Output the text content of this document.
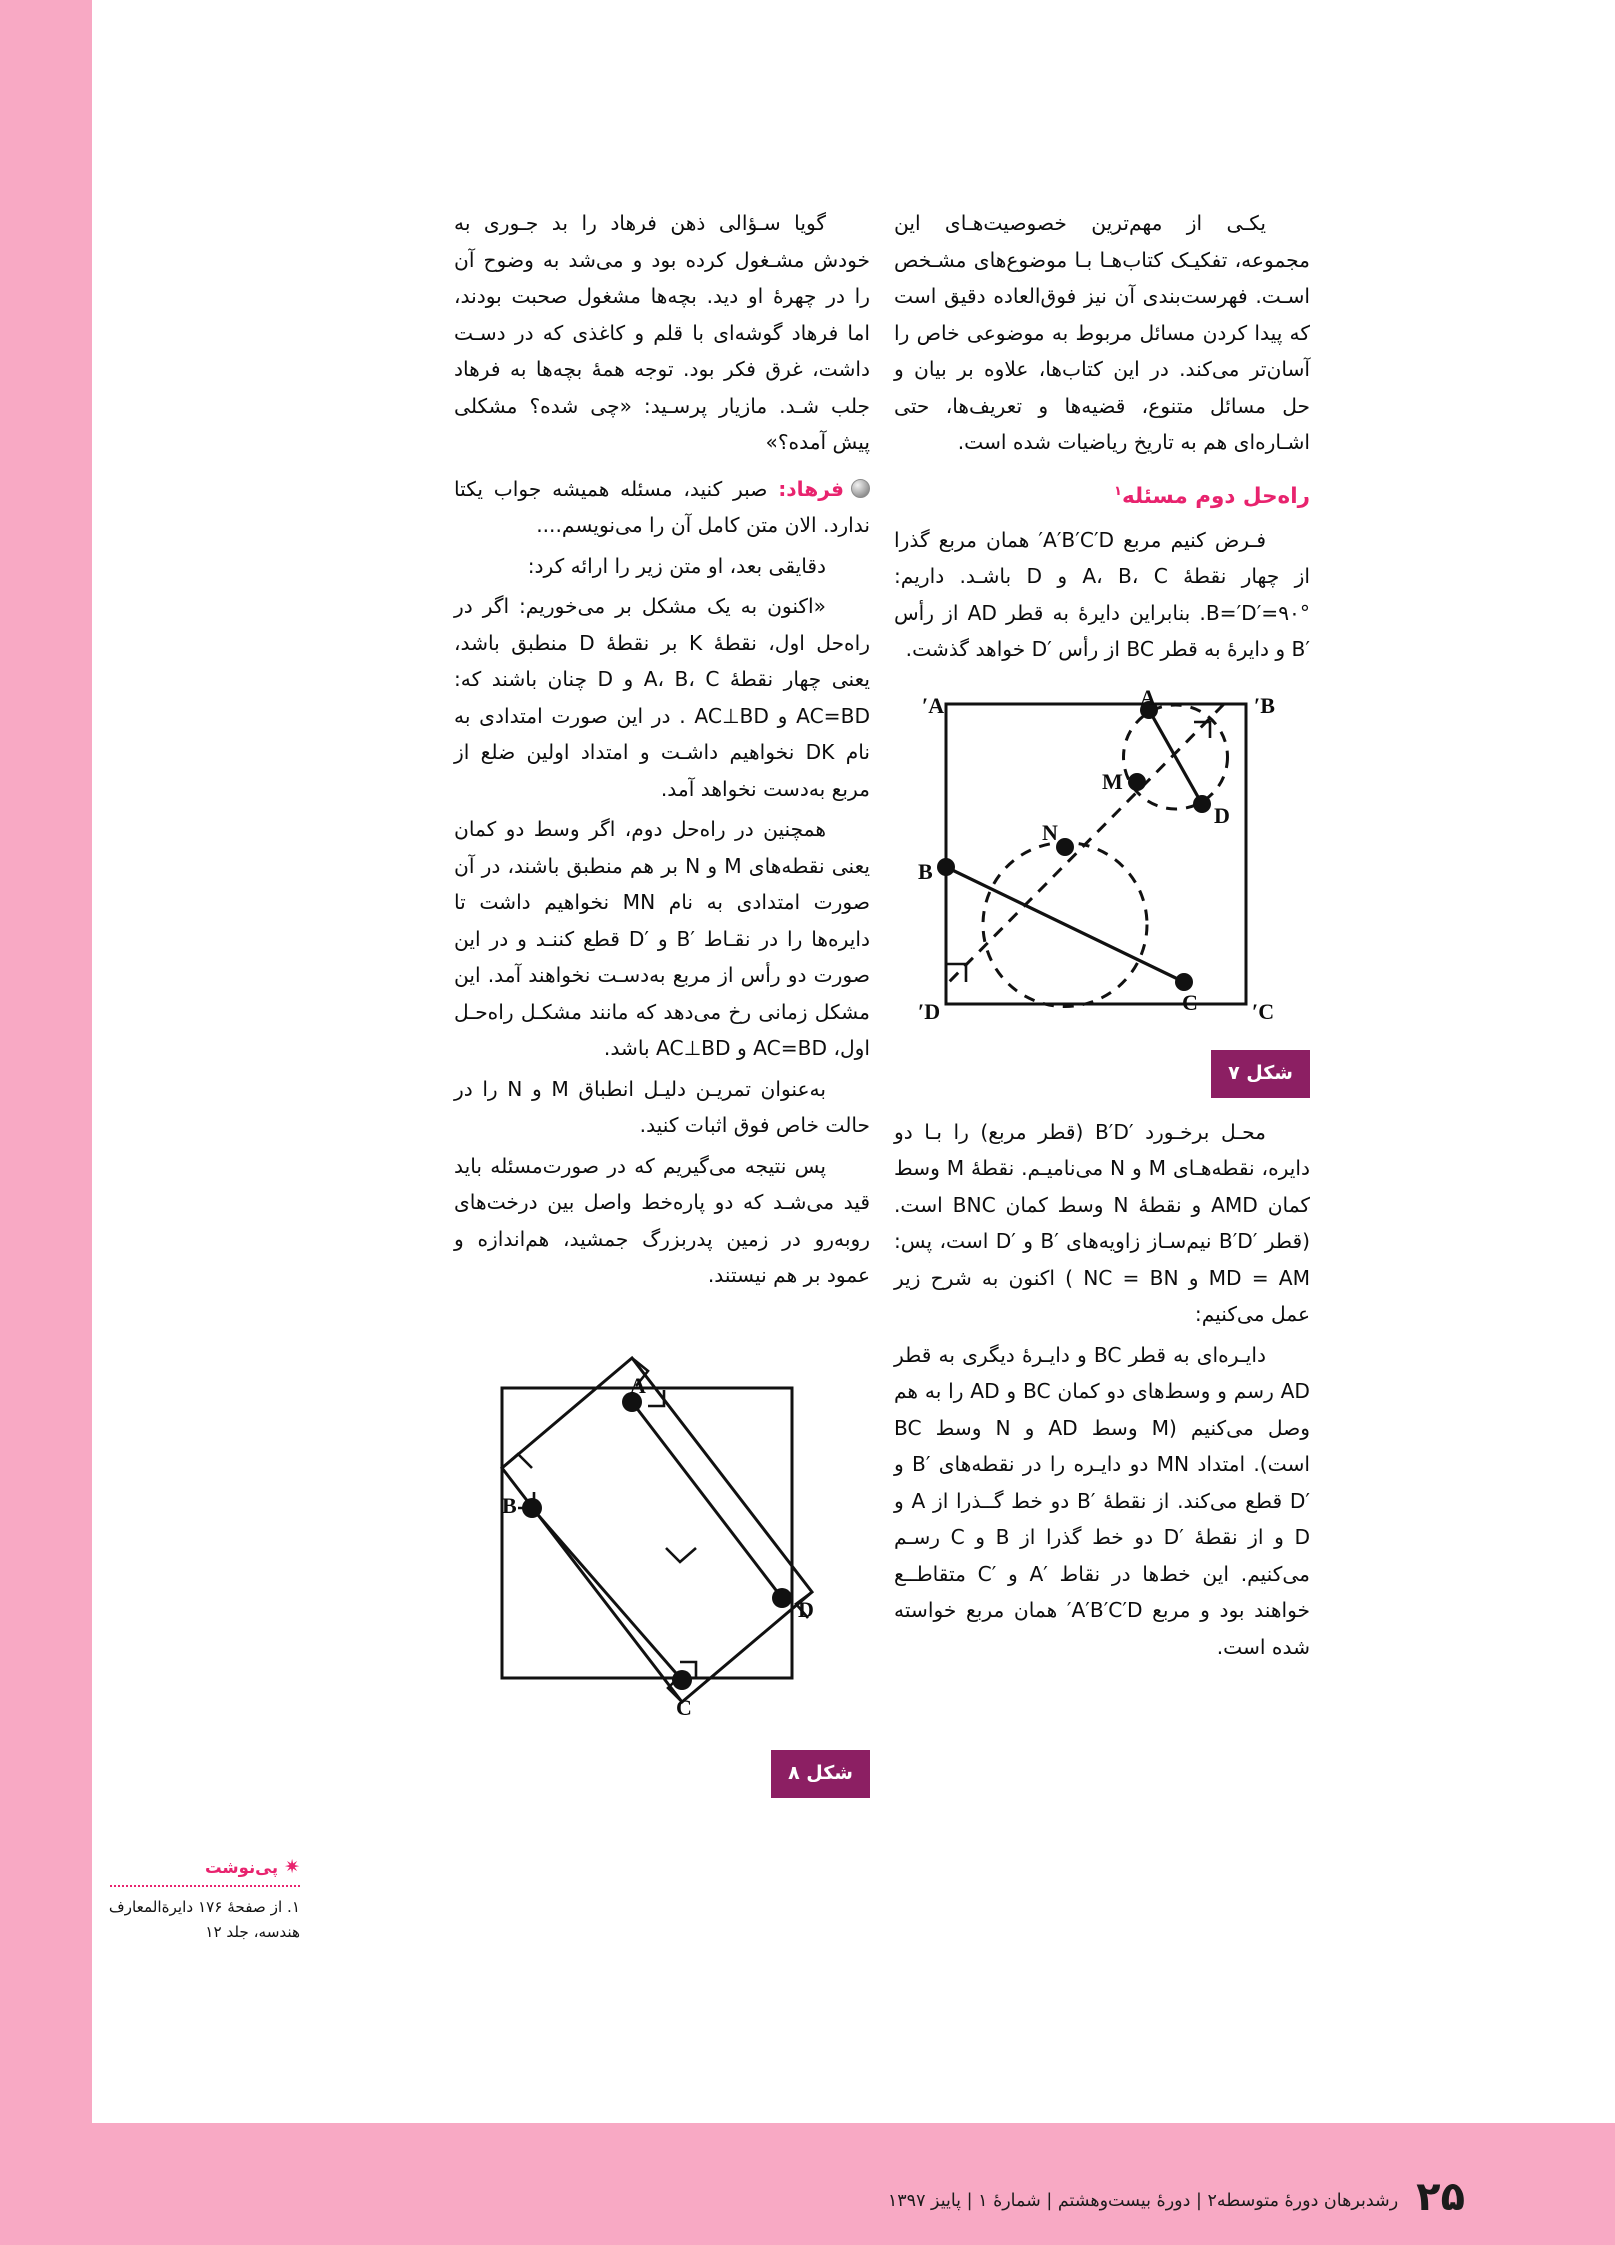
یکـی از مهم‌ترین خصوصیت‌هـای این مجموعه، تفکیـک کتاب‌هـا بـا موضوع‌های مشـخص اسـت. فهرست‌بندی آن نیز فوق‌العاده دقیق است که پیدا کردن مسائل مربوط به موضوعی خاص را آسان‌تر می‌کند. در این کتاب‌ها، علاوه بر بیان و حل مسائل متنوع، قضیه‌ها و تعریف‌ها، حتی اشـاره‌ای هم به تاریخ ریاضیات شده است.

راه‌حل دوم مسئله$^۱$

فـرض کنیم مربع A′B′C′D′ همان مربع گذرا از چهار نقطهٔ A، B، C و D باشـد. داریم: °۹۰=′B=′D. بنابراین دایرهٔ به قطر AD از رأس ′B و دایرهٔ به قطر BC از رأس ′D خواهد گذشت.

A′	B′
C′
D′
A
B
C
D
M
N
شکل ۷

محـل برخـورد ′B′D (قطر مربع) را بـا دو دایره، نقطه‌هـای M و N می‌نامیـم. نقطهٔ M وسط کمان AMD و نقطهٔ N وسط کمان BNC است. (قطر ′B′D نیم‌سـاز زاویه‌های ′B و ′D است، پس: MD = AM و NC = BN ) اکنون به شرح زیر عمل می‌کنیم:

دایـره‌ای به قطر BC و دایـرهٔ دیگری به قطر AD رسم و وسط‌های دو کمان BC و AD را به هم وصل می‌کنیم (M وسط AD و N وسط BC است). امتداد MN دو دایـره را در نقطه‌های ′B و ′D قطع می‌کند. از نقطهٔ ′B دو خط گــذرا از A و D و از نقطهٔ ′D دو خط گذرا از B و C رسـم می‌کنیم. این خط‌ها در نقاط ′A و ′C متقاطــع خواهند بود و مربع A′B′C′D′ همان مربع خواسته شده است.

گویا سـؤالی ذهن فرهاد را بد جـوری به خودش مشـغول کرده بود و می‌شد به وضوح آن را در چهرهٔ او دید. بچه‌ها مشغول صحبت بودند، اما فرهاد گوشه‌ای با قلم و کاغذی که در دسـت داشت، غرق فکر بود. توجه همهٔ بچه‌ها به فرهاد جلب شـد. مازیار پرسـید: «چی شده؟ مشکلی پیش آمده؟»

فرهاد: صبر کنید، مسئله همیشه جواب یکتا ندارد. الان متن کامل آن را می‌نویسم....

دقایقی بعد، او متن زیر را ارائه کرد:

«اکنون به یک مشکل بر می‌خوریم: اگر در راه‌حل اول، نقطهٔ K بر نقطهٔ D منطبق باشد، یعنی چهار نقطهٔ A، B، C و D چنان باشند که: AC=BD و AC⊥BD . در این صورت امتدادی به نام DK نخواهیم داشـت و امتداد اولین ضلع از مربع به‌دست نخواهد آمد.

همچنین در راه‌حل دوم، اگر وسط دو کمان یعنی نقطه‌های M و N بر هم منطبق باشند، در آن صورت امتدادی به نام MN نخواهیم داشت تا دایره‌ها را در نقـاط ′B و ′D قطع کننـد و در این صورت دو رأس از مربع به‌دسـت نخواهند آمد. این مشکل زمانی رخ می‌دهد که مانند مشکـل راه‌حـل اول، AC=BD و AC⊥BD باشد.

به‌عنوان تمریـن دلیـل انطباق M و N را در حالت خاص فوق اثبات کنید.

پس نتیجه می‌گیریم که در صورت‌مسئله باید قید می‌شـد که دو پاره‌خط واصل بین درخت‌های روبه‌رو در زمین پدربزرگ جمشید، هم‌اندازه و عمود بر هم نیستند.

A
B
C
D
شکل ۸
✷
پی‌نوشت
۱. از صفحهٔ ۱۷۶ دایرة‌المعارف هندسه، جلد ۱۲
۲۵
رشدبرهان دورهٔ متوسطه۲ | دورهٔ بیست‌وهشتم | شمارهٔ ۱ | پاییز ۱۳۹۷
